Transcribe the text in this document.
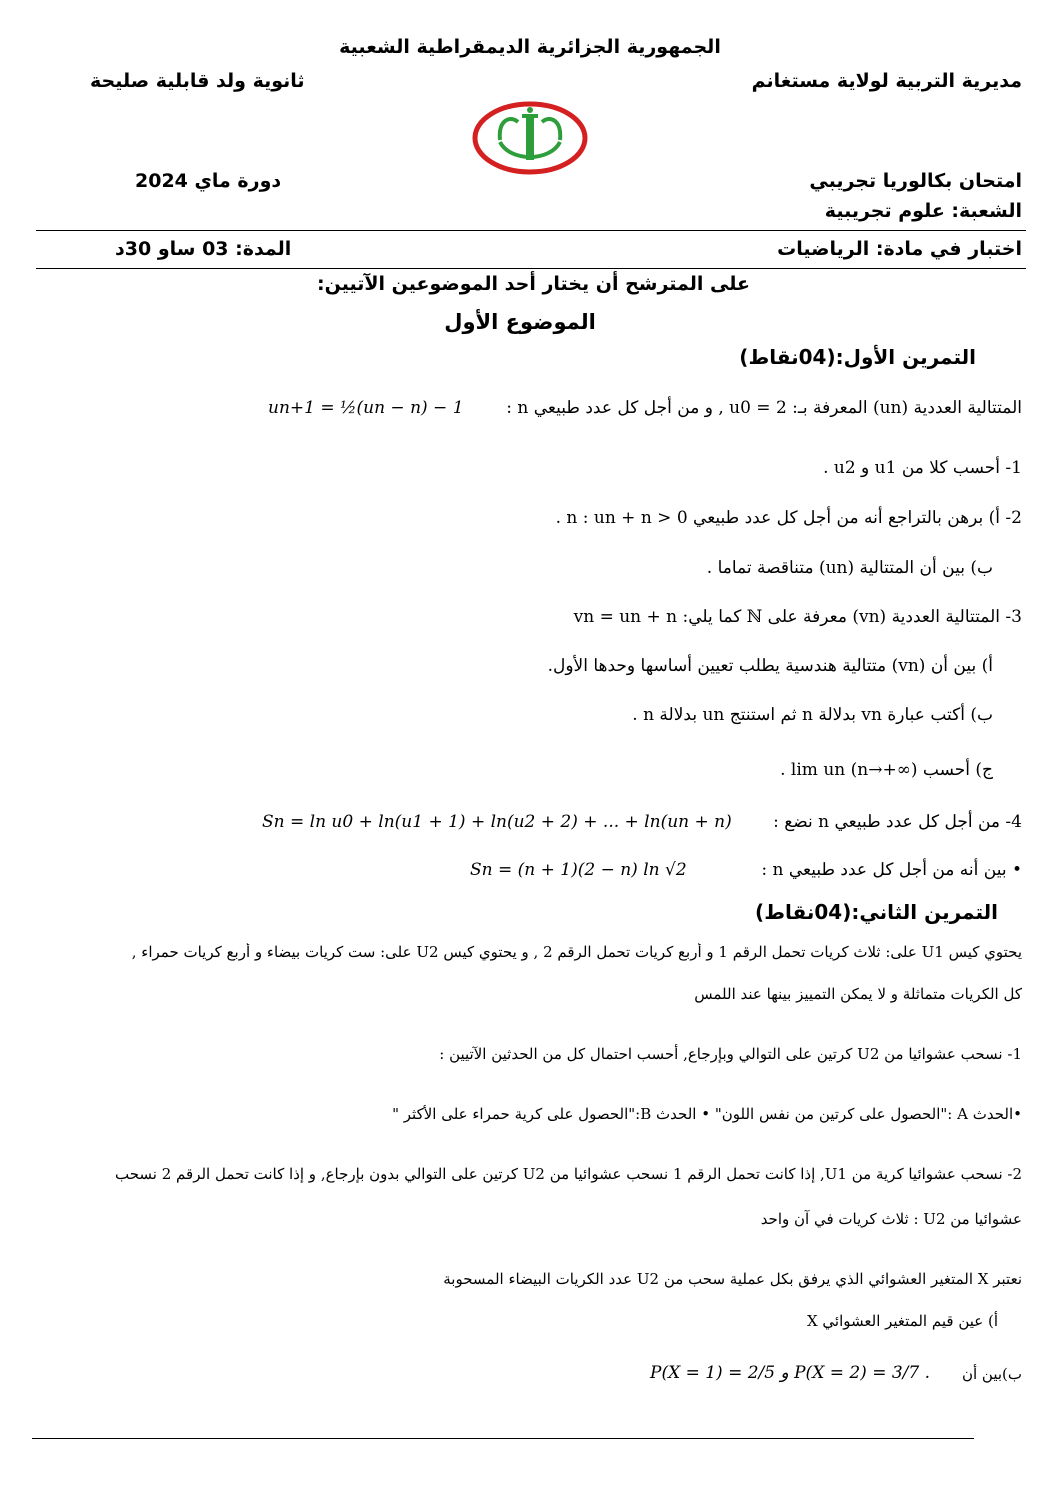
الجمهورية الجزائرية الديمقراطية الشعبية
مديرية التربية لولاية مستغانم
ثانوية ولد قابلية صليحة
امتحان بكالوريا تجريبي
دورة ماي 2024
الشعبة: علوم تجريبية
اختبار في مادة: الرياضيات
المدة: 03 ساو 30د
على المترشح أن يختار أحد الموضوعين الآتيين:
الموضوع الأول
التمرين الأول:(04نقاط)
المتتالية العددية (un) المعرفة بـ: u0 = 2 , و من أجل كل عدد طبيعي n :
un+1 = ½(un − n) − 1
1- أحسب كلا من u1 و u2 .
2- أ) برهن بالتراجع أنه من أجل كل عدد طبيعي n : un + n > 0 .
ب) بين أن المتتالية (un) متناقصة تماما .
3- المتتالية العددية (vn) معرفة على ℕ كما يلي: vn = un + n
أ) بين أن (vn) متتالية هندسية يطلب تعيين أساسها وحدها الأول.
ب) أكتب عبارة vn بدلالة n ثم استنتج un بدلالة n .
ج) أحسب lim un (n→+∞) .
4- من أجل كل عدد طبيعي n نضع :
Sn = ln u0 + ln(u1 + 1) + ln(u2 + 2) + ... + ln(un + n)
• بين أنه من أجل كل عدد طبيعي n :
Sn = (n + 1)(2 − n) ln √2
التمرين الثاني:(04نقاط)
يحتوي كيس U1 على: ثلاث كريات تحمل الرقم 1 و أربع كريات تحمل الرقم 2 , و يحتوي كيس U2 على: ست كريات بيضاء و أربع كريات حمراء ,
كل الكريات متماثلة و لا يمكن التمييز بينها عند اللمس
1- نسحب عشوائيا من U2 كرتين على التوالي وبإرجاع, أحسب احتمال كل من الحدثين الآتيين :
•الحدث A :"الحصول على كرتين من نفس اللون" • الحدث B:"الحصول على كرية حمراء على الأكثر "
2- نسحب عشوائيا كرية من U1, إذا كانت تحمل الرقم 1 نسحب عشوائيا من U2 كرتين على التوالي بدون بإرجاع, و إذا كانت تحمل الرقم 2 نسحب
عشوائيا من U2 : ثلاث كريات في آن واحد
نعتبر X المتغير العشوائي الذي يرفق بكل عملية سحب من U2 عدد الكريات البيضاء المسحوبة
أ) عين قيم المتغير العشوائي X
ب)بين أن
P(X = 1) = 2/5 و P(X = 2) = 3/7 .
